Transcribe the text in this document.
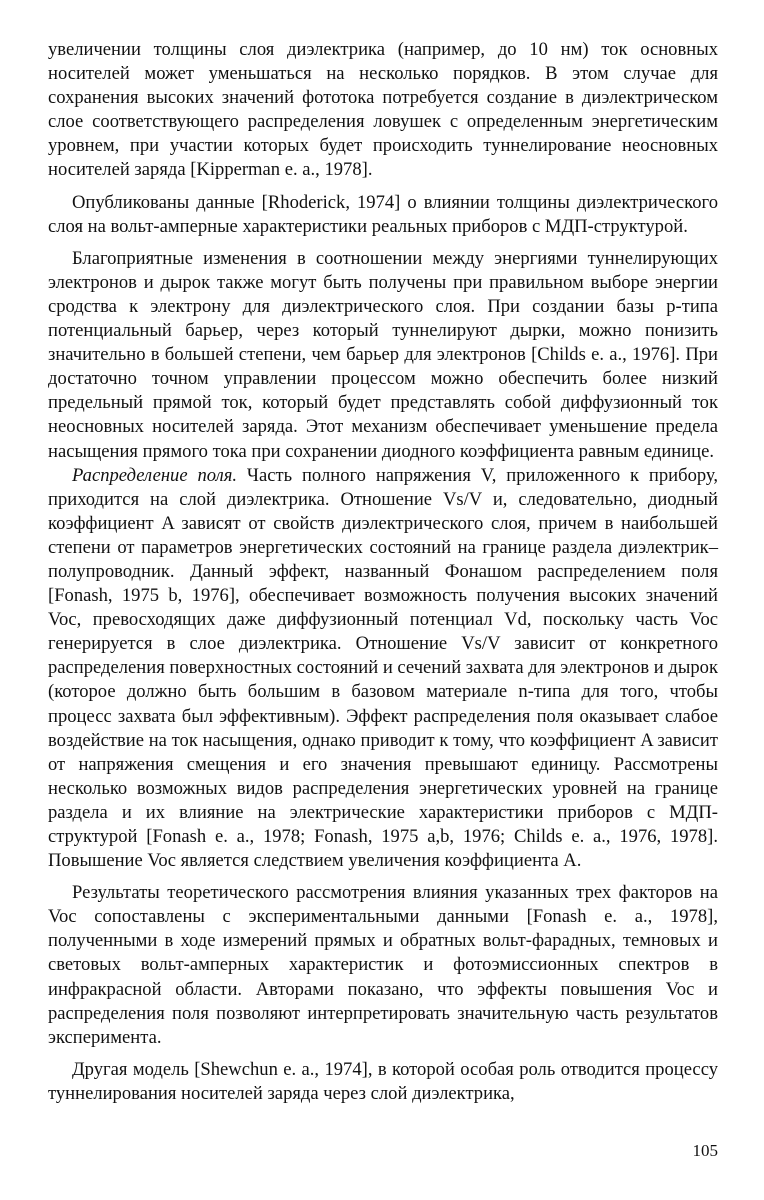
увеличении толщины слоя диэлектрика (например, до 10 нм) ток основных носителей может уменьшаться на несколько порядков. В этом случае для сохранения высоких значений фототока потребуется создание в диэлектрическом слое соответствующего распределения ловушек с определенным энергетическим уровнем, при участии которых будет происходить туннелирование неосновных носителей заряда [Kipperman e. a., 1978].

Опубликованы данные [Rhoderick, 1974] о влиянии толщины диэлектрического слоя на вольт-амперные характеристики реальных приборов с МДП-структурой.

Благоприятные изменения в соотношении между энергиями туннелирующих электронов и дырок также могут быть получены при правильном выборе энергии сродства к электрону для диэлектрического слоя. При создании базы p-типа потенциальный барьер, через который туннелируют дырки, можно понизить значительно в большей степени, чем барьер для электронов [Childs e. a., 1976]. При достаточно точном управлении процессом можно обеспечить более низкий предельный прямой ток, который будет представлять собой диффузионный ток неосновных носителей заряда. Этот механизм обеспечивает уменьшение предела насыщения прямого тока при сохранении диодного коэффициента равным единице.

Распределение поля. Часть полного напряжения V, приложенного к прибору, приходится на слой диэлектрика. Отношение Vs/V и, следовательно, диодный коэффициент A зависят от свойств диэлектрического слоя, причем в наибольшей степени от параметров энергетических состояний на границе раздела диэлектрик–полупроводник. Данный эффект, названный Фонашом распределением поля [Fonash, 1975 b, 1976], обеспечивает возможность получения высоких значений Voc, превосходящих даже диффузионный потенциал Vd, поскольку часть Voc генерируется в слое диэлектрика. Отношение Vs/V зависит от конкретного распределения поверхностных состояний и сечений захвата для электронов и дырок (которое должно быть большим в базовом материале n-типа для того, чтобы процесс захвата был эффективным). Эффект распределения поля оказывает слабое воздействие на ток насыщения, однако приводит к тому, что коэффициент A зависит от напряжения смещения и его значения превышают единицу. Рассмотрены несколько возможных видов распределения энергетических уровней на границе раздела и их влияние на электрические характеристики приборов с МДП-структурой [Fonash e. a., 1978; Fonash, 1975 a,b, 1976; Childs e. a., 1976, 1978]. Повышение Voc является следствием увеличения коэффициента A.

Результаты теоретического рассмотрения влияния указанных трех факторов на Voc сопоставлены с экспериментальными данными [Fonash e. a., 1978], полученными в ходе измерений прямых и обратных вольт-фарадных, темновых и световых вольт-амперных характеристик и фотоэмиссионных спектров в инфракрасной области. Авторами показано, что эффекты повышения Voc и распределения поля позволяют интерпретировать значительную часть результатов эксперимента.

Другая модель [Shewchun e. a., 1974], в которой особая роль отводится процессу туннелирования носителей заряда через слой диэлектрика,

105
